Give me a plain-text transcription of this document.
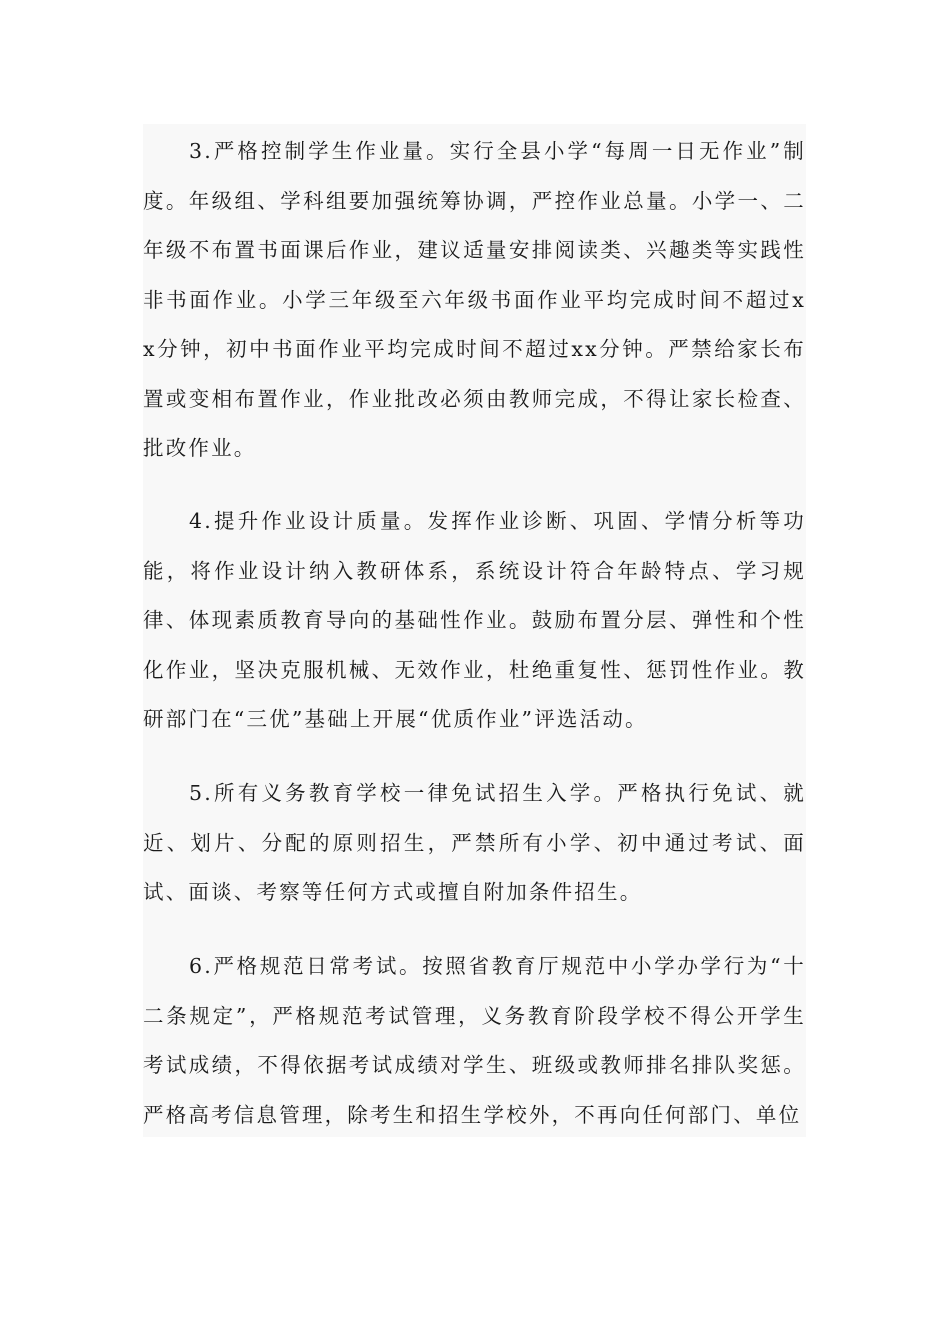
3.严格控制学生作业量。实行全县小学“每周一日无作业”制度。年级组、学科组要加强统筹协调，严控作业总量。小学一、二年级不布置书面课后作业，建议适量安排阅读类、兴趣类等实践性非书面作业。小学三年级至六年级书面作业平均完成时间不超过xx分钟，初中书面作业平均完成时间不超过xx分钟。严禁给家长布置或变相布置作业，作业批改必须由教师完成，不得让家长检查、批改作业。

4.提升作业设计质量。发挥作业诊断、巩固、学情分析等功能，将作业设计纳入教研体系，系统设计符合年龄特点、学习规律、体现素质教育导向的基础性作业。鼓励布置分层、弹性和个性化作业，坚决克服机械、无效作业，杜绝重复性、惩罚性作业。教研部门在“三优”基础上开展“优质作业”评选活动。

5.所有义务教育学校一律免试招生入学。严格执行免试、就近、划片、分配的原则招生，严禁所有小学、初中通过考试、面试、面谈、考察等任何方式或擅自附加条件招生。

6.严格规范日常考试。按照省教育厅规范中小学办学行为“十二条规定”，严格规范考试管理，义务教育阶段学校不得公开学生考试成绩，不得依据考试成绩对学生、班级或教师排名排队奖惩。严格高考信息管理，除考生和招生学校外，不再向任何部门、单位
